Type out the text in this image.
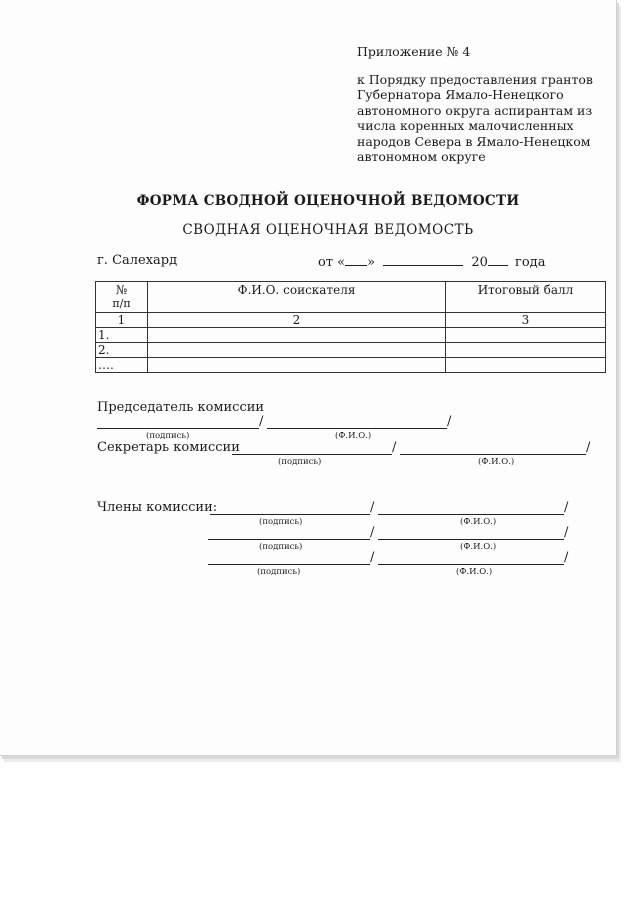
Приложение № 4
к Порядку предоставления грантов
Губернатора Ямало-Ненецкого
автономного округа аспирантам из
числа коренных малочисленных
народов Севера в Ямало-Ненецком
автономном округе
ФОРМА СВОДНОЙ ОЦЕНОЧНОЙ ВЕДОМОСТИ
СВОДНАЯ ОЦЕНОЧНАЯ ВЕДОМОСТЬ
г. Салехард	от « »	20 года
№
п/п	Ф.И.О. соискателя	Итоговый балл
1	2	3
1.		
2.		
….		
Председатель комиссии
/	/
(подпись)	(Ф.И.О.)
Секретарь комиссии	/	/
(подпись)	(Ф.И.О.)
Члены комиссии:	/	/
(подпись)	(Ф.И.О.)
/	/
(подпись)	(Ф.И.О.)
/	/
(подпись)	(Ф.И.О.)
